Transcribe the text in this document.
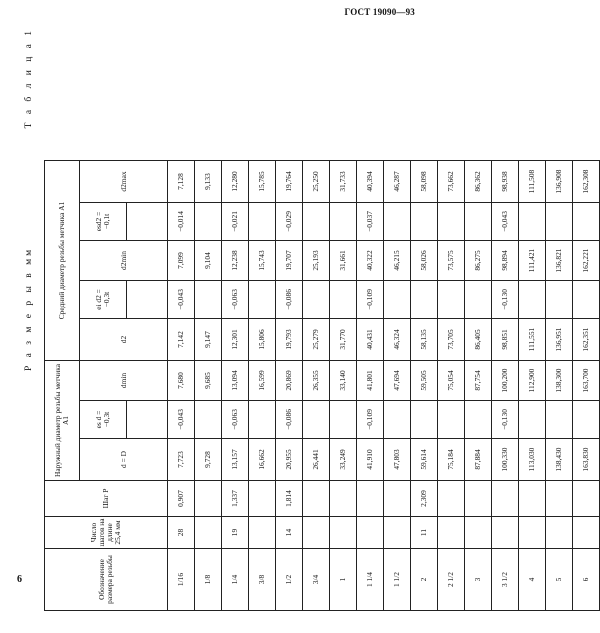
ГОСТ 19090—93
6
Р а з м е р ы в мм
Т а б л и ц а 1
Обозначение размера резьбы	Число шагов на длине 25,4 мм	Шаг P	Наружный диаметр резьбы метчика A1			Средний диаметр резьбы метчика A1				
			d = D	es d = −0,3t	dmin	d2	ei d2 = −0,3t	d2min	esd2 = −0,1t	d2max

1/16	28	0,907	7,723	−0,043	7,680	7,142	−0,043	7,099	−0,014	7,128
1/8			9,728		9,685	9,147		9,104		9,133
1/4	19	1,337	13,157	−0,063	13,094	12,301	−0,063	12,238	−0,021	12,280
3/8			16,662		16,599	15,806		15,743		15,785
1/2	14	1,814	20,955	−0,086	20,869	19,793	−0,086	19,707	−0,029	19,764
3/4			26,441		26,355	25,279		25,193		25,250
1			33,249		33,140	31,770		31,661		31,733
1 1/4			41,910	−0,109	41,801	40,431	−0,109	40,322	−0,037	40,394
1 1/2			47,803		47,694	46,324		46,215		46,287
2	11	2,309	59,614		59,505	58,135		58,026		58,098
2 1/2			75,184		75,054	73,705		73,575		73,662
3			87,884		87,754	86,405		86,275		86,362
3 1/2			100,330	−0,130	100,200	98,851	−0,130	98,894	−0,043	98,938
4			113,030		112,900	111,551		111,421		111,508
5			138,430		138,300	136,951		136,821		136,908
6			163,830		163,700	162,351		162,221		162,308
